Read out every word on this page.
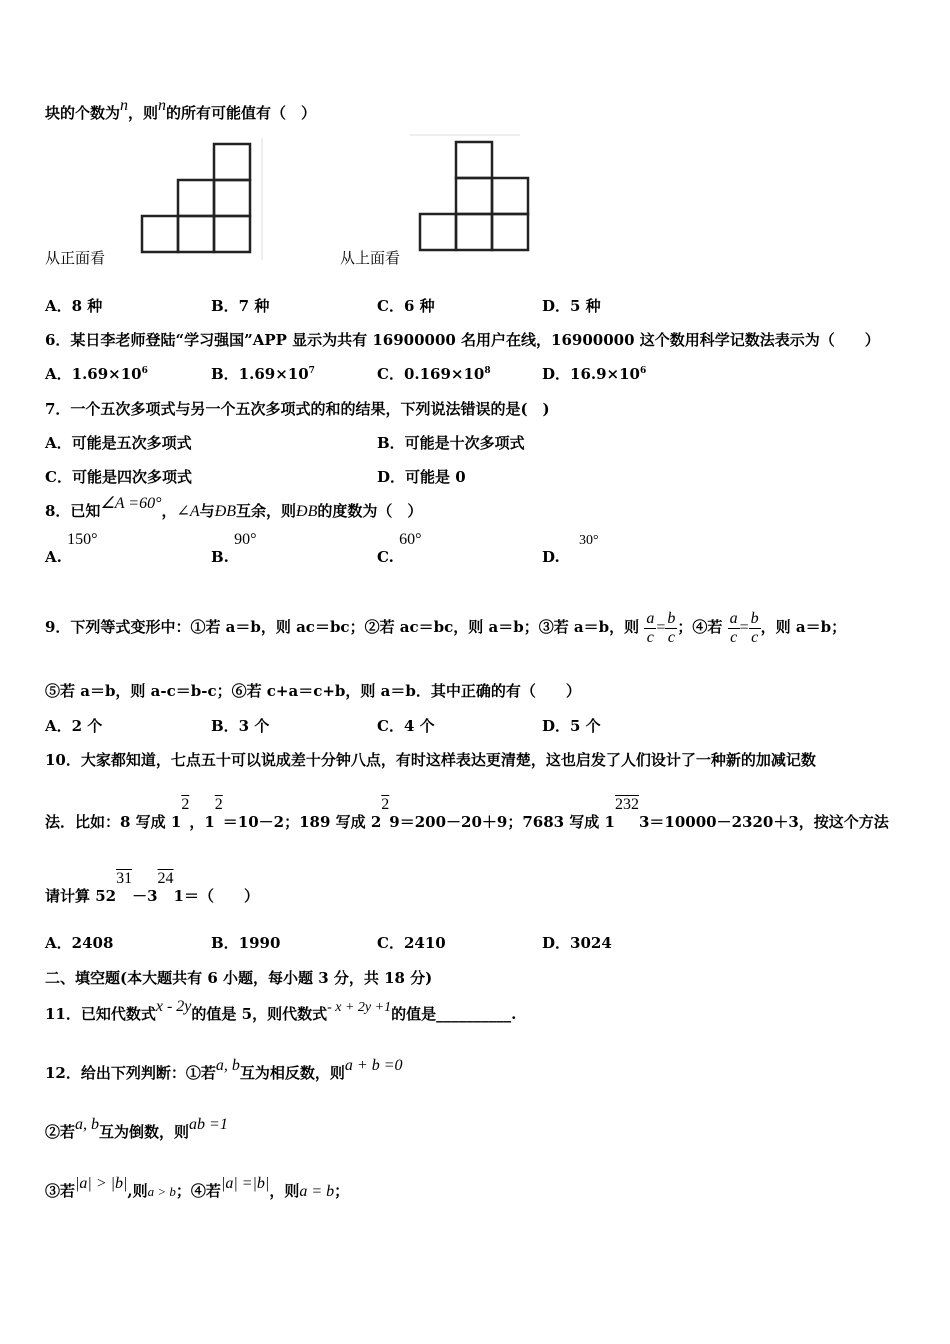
块的个数为n，则n的所有可能值有（　）
从正面看	从上面看
A．8 种	B．7 种	C．6 种	D．5 种
6．某日李老师登陆“学习强国”APP 显示为共有 16900000 名用户在线，16900000 这个数用科学记数法表示为（　　）
A．$1.69\times 10^6$	B．$1.69\times 10^7$	C．$0.169\times 10^8$	D．$16.9\times 10^6$
7．一个五次多项式与另一个五次多项式的和的结果，下列说法错误的是(　)
A．可能是五次多项式	B．可能是十次多项式
C．可能是四次多项式	D．可能是 0
8．已知∠A =60°，∠A与ÐB互余，则ÐB的度数为（　）
A. 150°
B. 90°
C. 60°
D. 30°
9．下列等式变形中：①若 a＝b，则 ac＝bc；②若 ac＝bc，则 a＝b；③若 a＝b，则 $\frac{a}{c} = \frac{b}{c}$ ；④若 $\frac{a}{c} = \frac{b}{c}$ ，则 a＝b；
⑤若 a＝b，则 a-c＝b-c；⑥若 c+a＝c+b，则 a＝b．其中正确的有（　　）
A．2 个	B．3 个	C．4 个	D．5 个
10．大家都知道，七点五十可以说成差十分钟八点，有时这样表达更清楚，这也启发了人们设计了一种新的加减记数
法．比如：8 写成 12，12＝10－2；189 写成 229＝200－20＋9；7683 写成 12323＝10000－2320＋3，按这个方法
请计算 5231－3241＝（　　）
A．2408	B．1990	C．2410	D．3024
二、填空题(本大题共有 6 小题，每小题 3 分，共 18 分)
11．已知代数式x - 2y的值是 5，则代数式- x + 2y +1的值是__________.
12．给出下列判断：①若a, b互为相反数，则a + b =0
②若a, b互为倒数，则ab =1
③若|a| > |b|,则a > b；④若|a| =|b|，则a = b；
